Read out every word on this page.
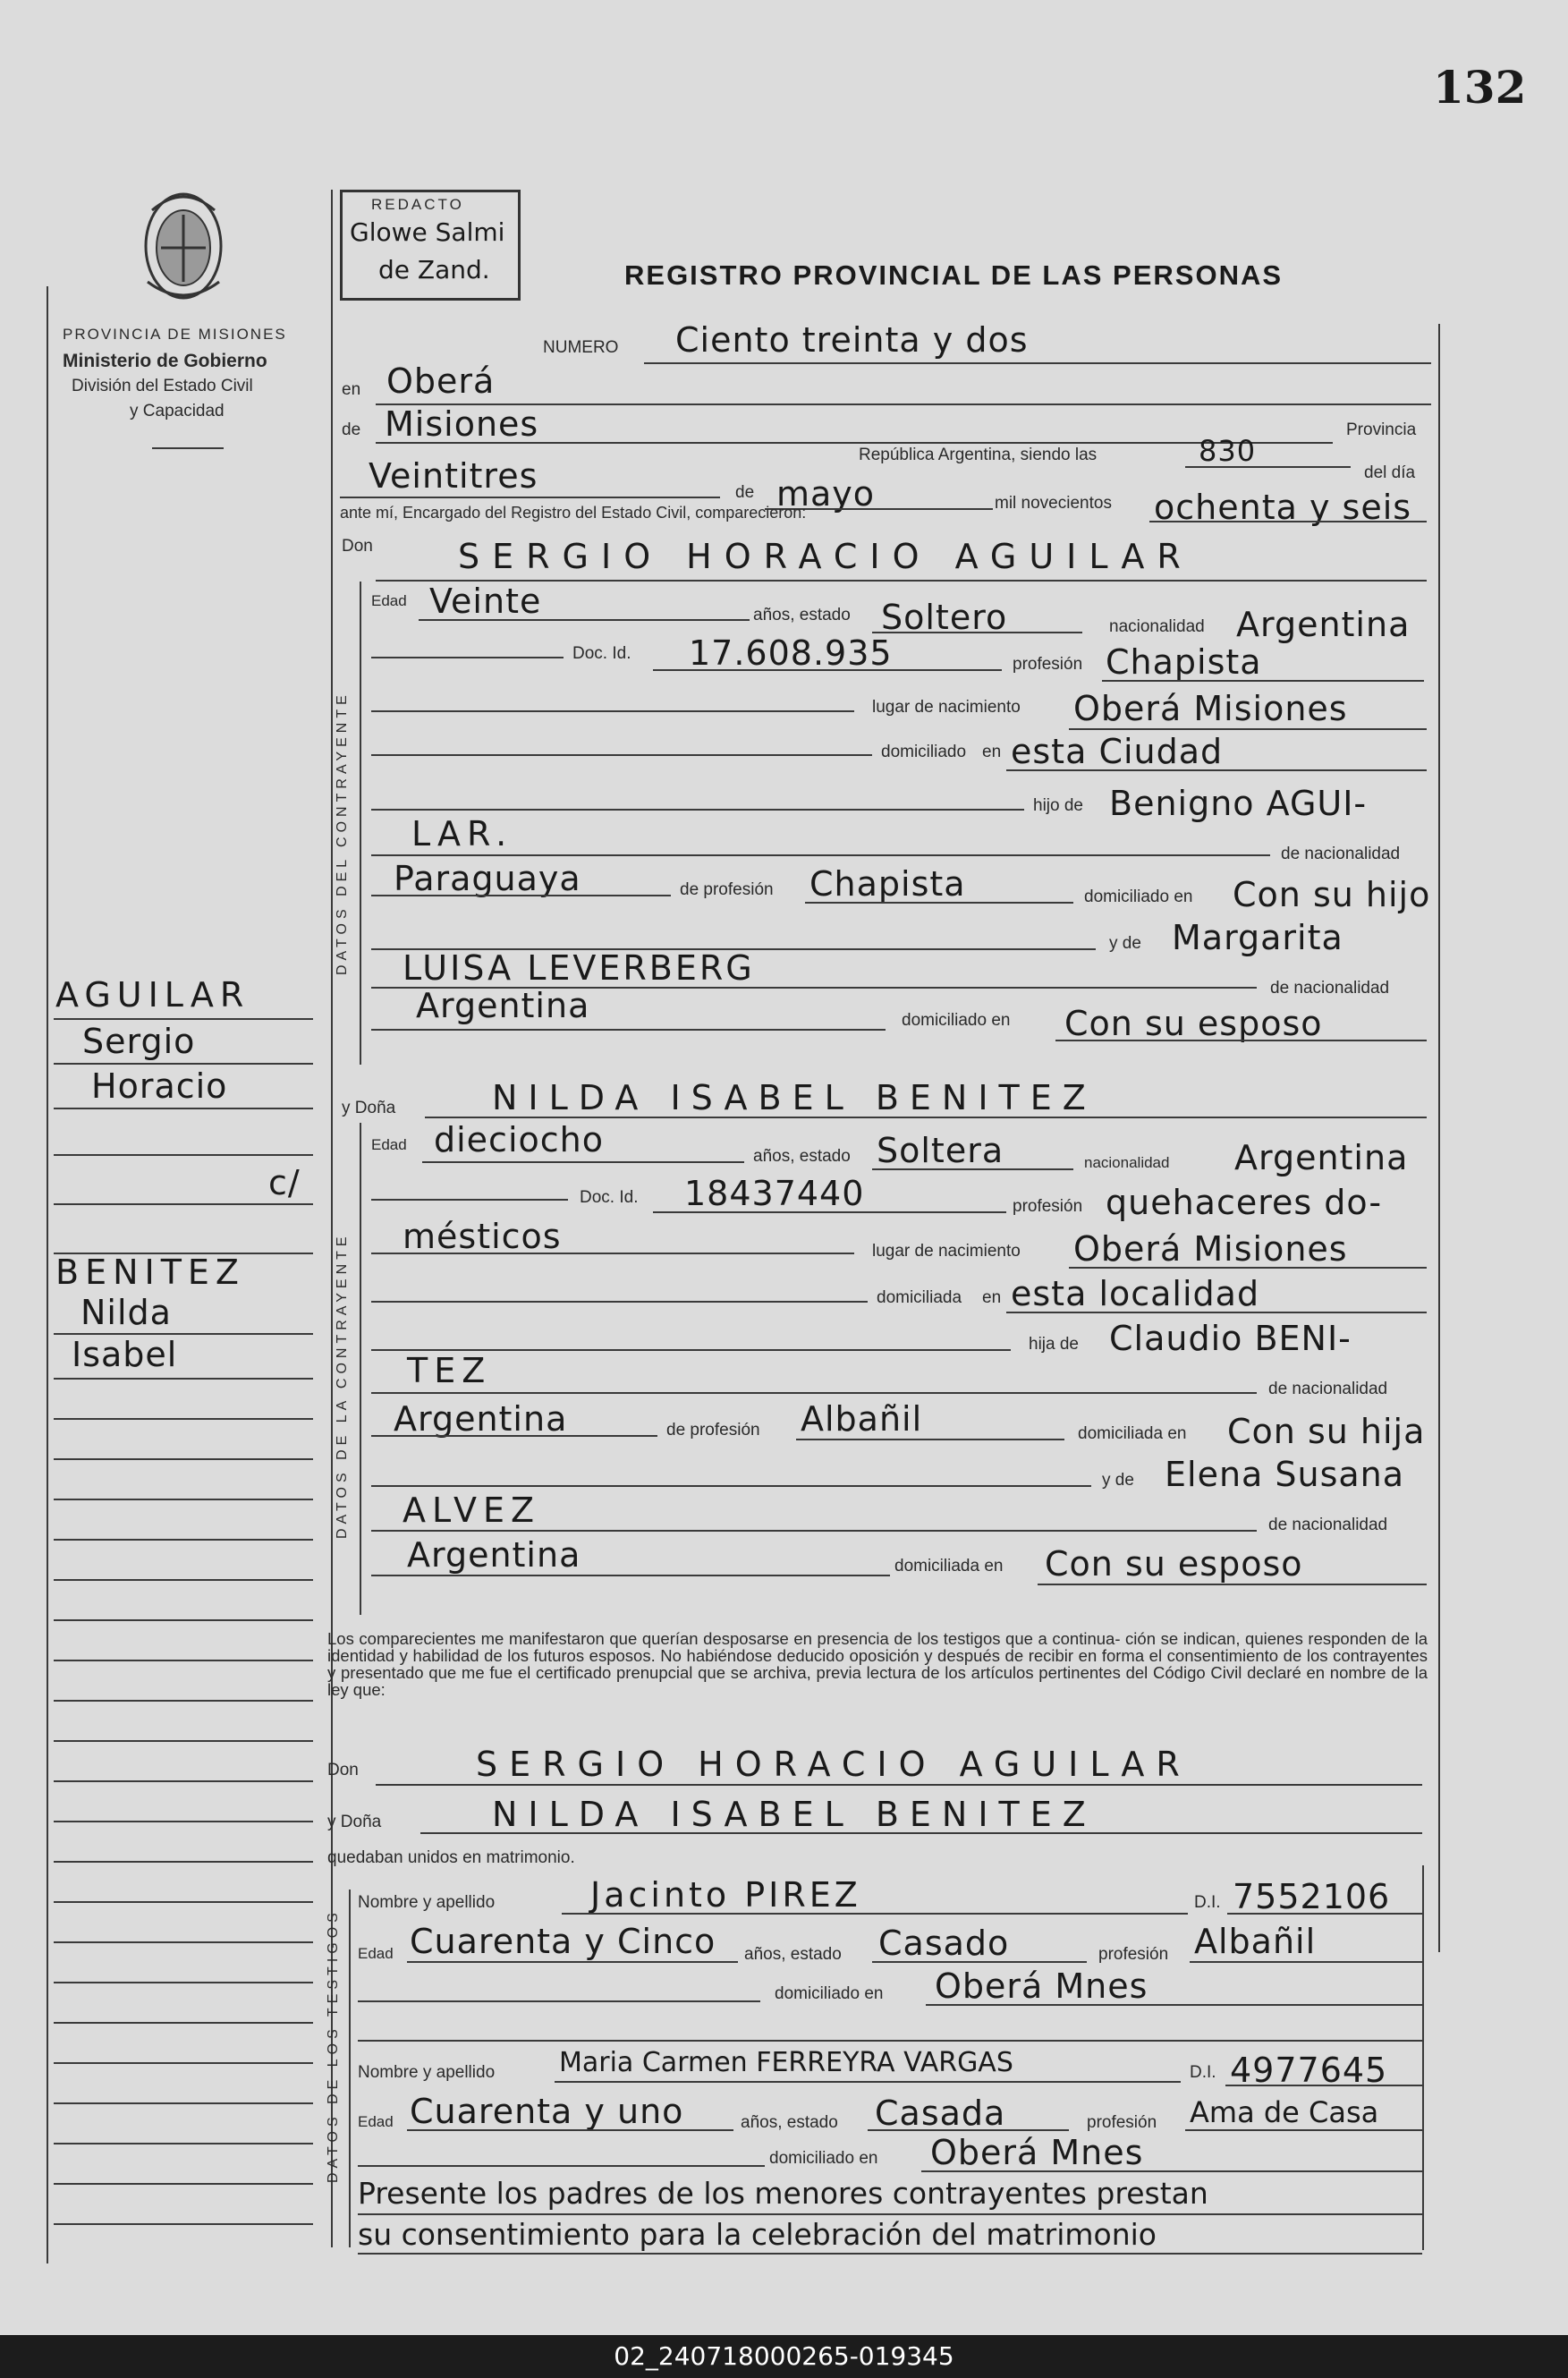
132
PROVINCIA DE MISIONES
Ministerio de Gobierno
División del Estado Civil
y Capacidad
REDACTO
Glowe Salmi
de Zand.	REGISTRO PROVINCIAL DE LAS PERSONAS
AGUILAR
Sergio
Horacio
c/
BENITEZ
Nilda
Isabel
NUMERO Ciento treinta y dos
en Oberá
de Misiones	Provincia
República Argentina, siendo las	830
del día
Veintitres	de mayo	mil novecientos ochenta y seis
ante mí, Encargado del Registro del Estado Civil, comparecieron:
Don	SERGIO HORACIO AGUILAR
DATOS DEL CONTRAYENTE
Edad Veinte	años, estado Soltero	nacionalidad Argentina
Doc. Id. 17.608.935	profesión Chapista
lugar de nacimiento Oberá Misiones
domiciliado en esta Ciudad
hijo de Benigno AGUI-
LAR.
de nacionalidad
Paraguaya	de profesión Chapista	domiciliado en Con su hijo
y de Margarita
LUISA LEVERBERG
de nacionalidad
Argentina	domiciliado en Con su esposo
y Doña	NILDA ISABEL BENITEZ
DATOS DE LA CONTRAYENTE
Edad dieciocho	años, estado Soltera	nacionalidad Argentina
Doc. Id. 18437440	profesión quehaceres do-
mésticos	lugar de nacimiento Oberá Misiones
domiciliada en esta localidad
hija de Claudio BENI-
TEZ	de nacionalidad
Argentina	de profesión Albañil	domiciliada en Con su hija
y de Elena Susana
ALVEZ	de nacionalidad
Argentina	domiciliada en Con su esposo
Los comparecientes me manifestaron que querían desposarse en presencia de los testigos que a continua- ción se indican, quienes responden de la identidad y habilidad de los futuros esposos. No habiéndose deducido oposición y después de recibir en forma el consentimiento de los contrayentes y presentado que me fue el certificado prenupcial que se archiva, previa lectura de los artículos pertinentes del Código Civil declaré en nombre de la ley que:
Don	SERGIO HORACIO AGUILAR
y Doña	NILDA ISABEL BENITEZ
quedaban unidos en matrimonio.
DATOS DE LOS TESTIGOS
Nombre y apellido	Jacinto PIREZ	D.I. 7552106
Edad Cuarenta y Cinco años, estado Casado	profesión Albañil
domiciliado en Oberá Mnes
Nombre y apellido Maria Carmen FERREYRA VARGAS	D.I. 4977645
Edad Cuarenta y uno	años, estado Casada	profesión Ama de Casa
domiciliado en Oberá Mnes
Presente los padres de los menores contrayentes prestan
su consentimiento para la celebración del matrimonio
02_240718000265-019345
